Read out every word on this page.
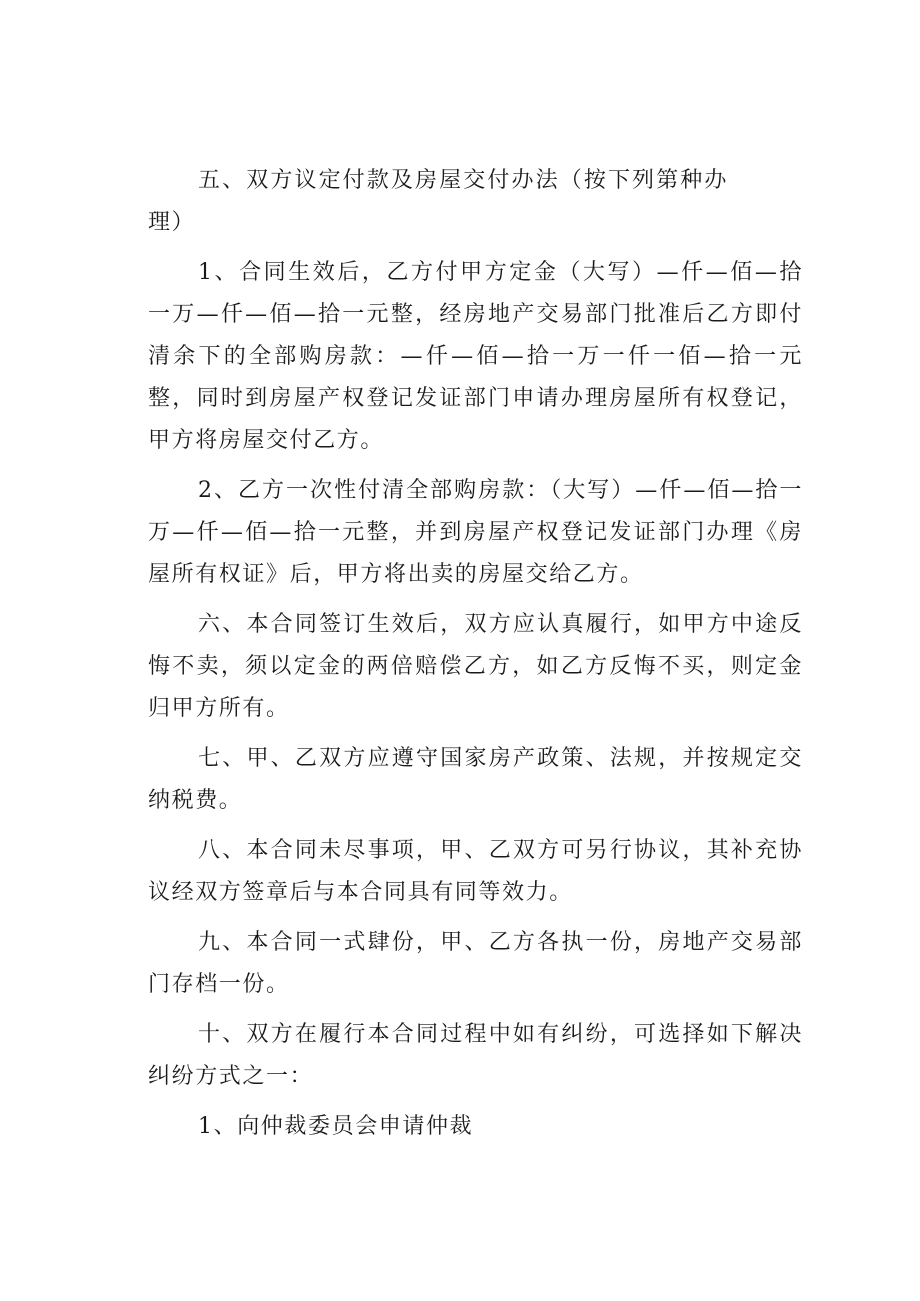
五、双方议定付款及房屋交付办法（按下列第种办理）

1、合同生效后，乙方付甲方定金（大写）—仟—佰—拾一万—仟—佰—拾一元整，经房地产交易部门批准后乙方即付清余下的全部购房款：—仟—佰—拾一万一仟一佰—拾一元整，同时到房屋产权登记发证部门申请办理房屋所有权登记，甲方将房屋交付乙方。

2、乙方一次性付清全部购房款：（大写）—仟—佰—拾一万—仟—佰—拾一元整，并到房屋产权登记发证部门办理《房屋所有权证》后，甲方将出卖的房屋交给乙方。

六、本合同签订生效后，双方应认真履行，如甲方中途反悔不卖，须以定金的两倍赔偿乙方，如乙方反悔不买，则定金归甲方所有。

七、甲、乙双方应遵守国家房产政策、法规，并按规定交纳税费。

八、本合同未尽事项，甲、乙双方可另行协议，其补充协议经双方签章后与本合同具有同等效力。

九、本合同一式肆份，甲、乙方各执一份，房地产交易部门存档一份。

十、双方在履行本合同过程中如有纠纷，可选择如下解决纠纷方式之一：

1、向仲裁委员会申请仲裁
